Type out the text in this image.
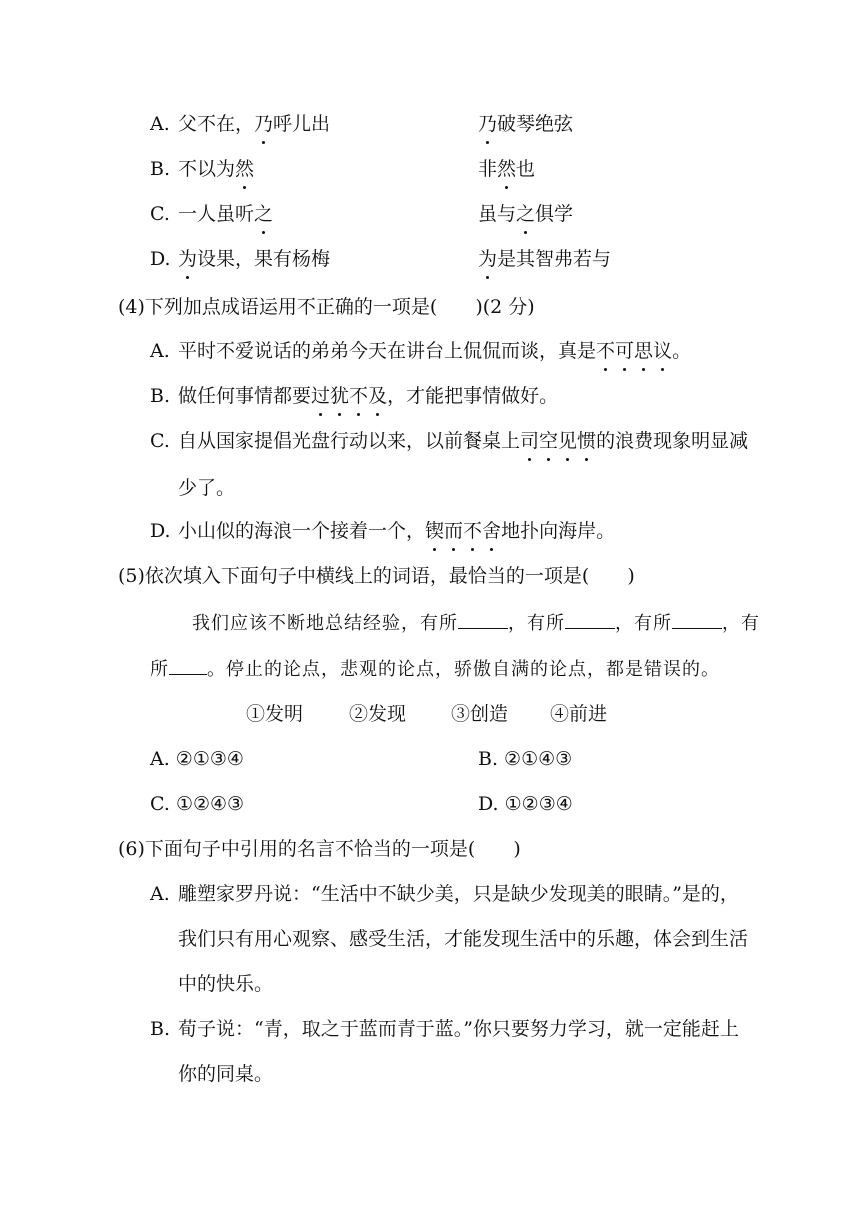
A. 父不在，乃呼儿出	乃破琴绝弦
B. 不以为然	非然也
C. 一人虽听之	虽与之俱学
D. 为设果，果有杨梅	为是其智弗若与
(4)下列加点成语运用不正确的一项是(　　)(2 分)
A. 平时不爱说话的弟弟今天在讲台上侃侃而谈，真是不可思议。
B. 做任何事情都要过犹不及，才能把事情做好。
C. 自从国家提倡光盘行动以来，以前餐桌上司空见惯的浪费现象明显减
少了。
D. 小山似的海浪一个接着一个，锲而不舍地扑向海岸。
(5)依次填入下面句子中横线上的词语，最恰当的一项是(　　)
我们应该不断地总结经验，有所	，有所	，有所	，有
所 。停止的论点，悲观的论点，骄傲自满的论点，都是错误的。
①发明 ②发现 ③创造 ④前进
A. ②①③④	B. ②①④③
C. ①②④③	D. ①②③④
(6)下面句子中引用的名言不恰当的一项是(　　)
A. 雕塑家罗丹说：“生活中不缺少美，只是缺少发现美的眼睛。”是的，
我们只有用心观察、感受生活，才能发现生活中的乐趣，体会到生活
中的快乐。
B. 荀子说：“青，取之于蓝而青于蓝。”你只要努力学习，就一定能赶上
你的同桌。
